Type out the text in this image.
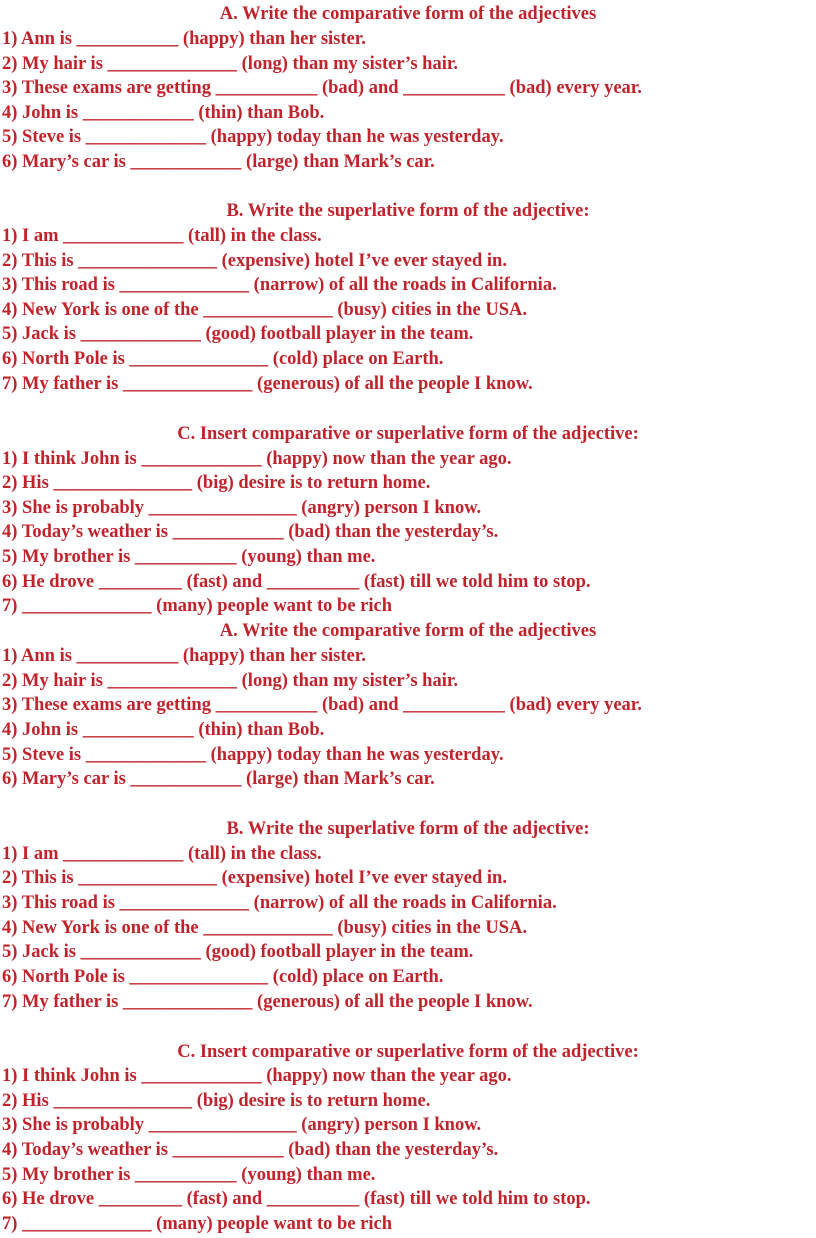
A. Write the comparative form of the adjectives
1) Ann is ___________ (happy) than her sister.
2) My hair is ______________ (long) than my sister’s hair.
3) These exams are getting ___________ (bad) and ___________ (bad) every year.
4) John is ____________ (thin) than Bob.
5) Steve is _____________ (happy) today than he was yesterday.
6) Mary’s car is ____________ (large) than Mark’s car.
B. Write the superlative form of the adjective:
1) I am _____________ (tall) in the class.
2) This is _______________ (expensive) hotel I’ve ever stayed in.
3) This road is ______________ (narrow) of all the roads in California.
4) New York is one of the ______________ (busy) cities in the USA.
5) Jack is _____________ (good) football player in the team.
6) North Pole is _______________ (cold) place on Earth.
7) My father is ______________ (generous) of all the people I know.
C. Insert comparative or superlative form of the adjective:
1) I think John is _____________ (happy) now than the year ago.
2) His _______________ (big) desire is to return home.
3) She is probably ________________ (angry) person I know.
4) Today’s weather is ____________ (bad) than the yesterday’s.
5) My brother is ___________ (young) than me.
6) He drove _________ (fast) and __________ (fast) till we told him to stop.
7) ______________ (many) people want to be rich
A. Write the comparative form of the adjectives
1) Ann is ___________ (happy) than her sister.
2) My hair is ______________ (long) than my sister’s hair.
3) These exams are getting ___________ (bad) and ___________ (bad) every year.
4) John is ____________ (thin) than Bob.
5) Steve is _____________ (happy) today than he was yesterday.
6) Mary’s car is ____________ (large) than Mark’s car.
B. Write the superlative form of the adjective:
1) I am _____________ (tall) in the class.
2) This is _______________ (expensive) hotel I’ve ever stayed in.
3) This road is ______________ (narrow) of all the roads in California.
4) New York is one of the ______________ (busy) cities in the USA.
5) Jack is _____________ (good) football player in the team.
6) North Pole is _______________ (cold) place on Earth.
7) My father is ______________ (generous) of all the people I know.
C. Insert comparative or superlative form of the adjective:
1) I think John is _____________ (happy) now than the year ago.
2) His _______________ (big) desire is to return home.
3) She is probably ________________ (angry) person I know.
4) Today’s weather is ____________ (bad) than the yesterday’s.
5) My brother is ___________ (young) than me.
6) He drove _________ (fast) and __________ (fast) till we told him to stop.
7) ______________ (many) people want to be rich
